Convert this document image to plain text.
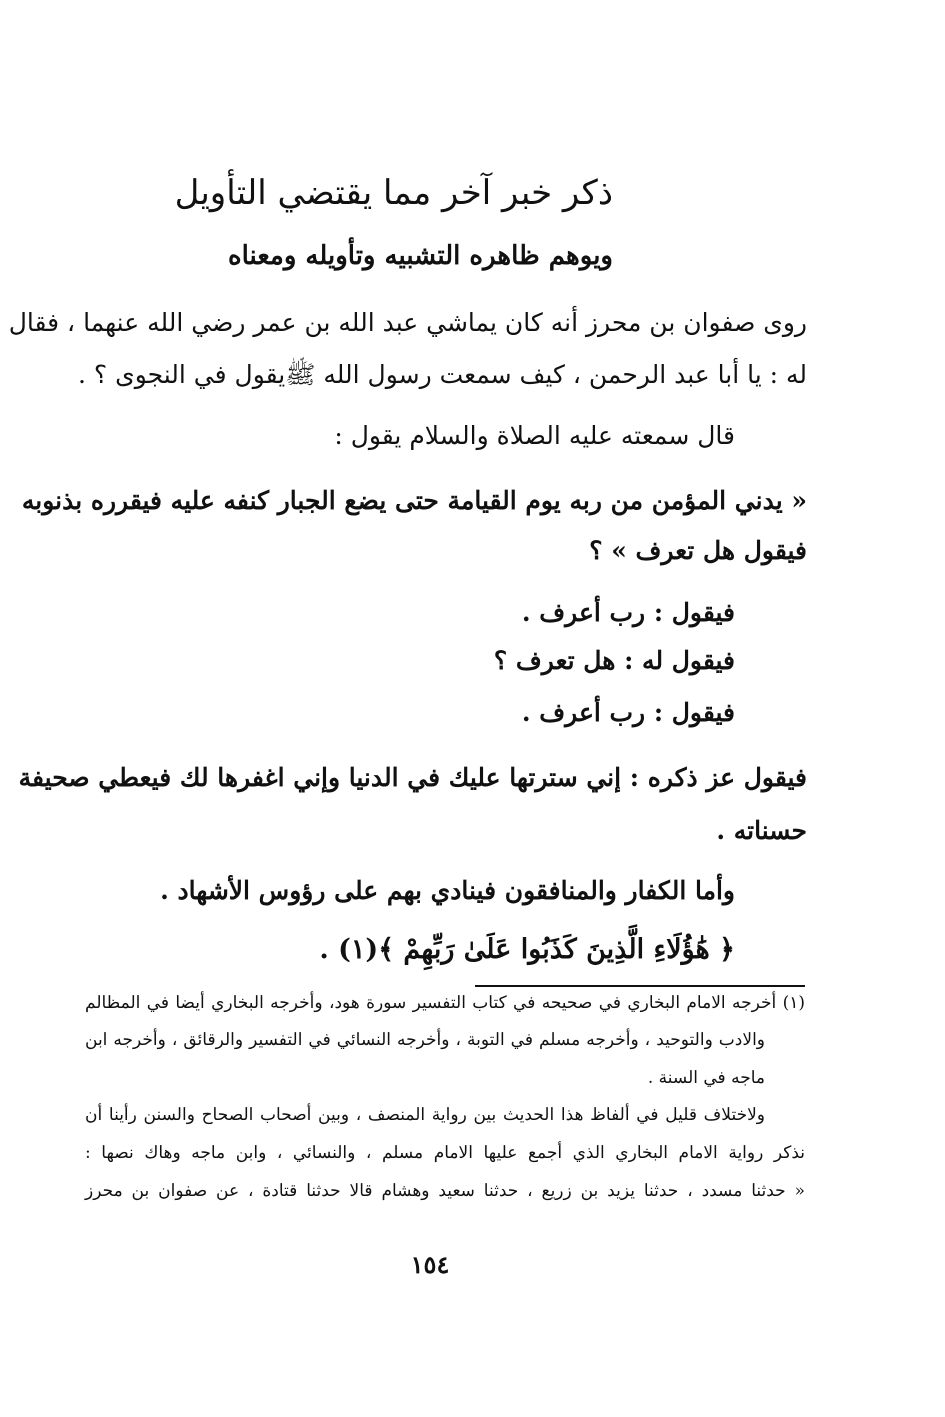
ذكر خبر آخر مما يقتضي التأويل
ويوهم ظاهره التشبيه وتأويله ومعناه
روى صفوان بن محرز أنه كان يماشي عبد الله بن عمر رضي الله عنهما ، فقال
له : يا أبا عبد الرحمن ، كيف سمعت رسول الله ﷺيقول في النجوى ؟ .
قال سمعته عليه الصلاة والسلام يقول :
« يدني المؤمن من ربه يوم القيامة حتى يضع الجبار كنفه عليه فيقرره بذنوبه
فيقول هل تعرف » ؟
فيقول : رب أعرف .
فيقول له : هل تعرف ؟
فيقول : رب أعرف .
فيقول عز ذكره : إني سترتها عليك في الدنيا وإني اغفرها لك فيعطي صحيفة
حسناته .
وأما الكفار والمنافقون فينادي بهم على رؤوس الأشهاد .
﴿ هَٰؤُلَاءِ الَّذِينَ كَذَبُوا عَلَىٰ رَبِّهِمْ ﴾(١) .
(١) أخرجه الامام البخاري في صحيحه في كتاب التفسير سورة هود، وأخرجه البخاري أيضا في المظالم
والادب والتوحيد ، وأخرجه مسلم في التوبة ، وأخرجه النسائي في التفسير والرقائق ، وأخرجه ابن
ماجه في السنة .
ولاختلاف قليل في ألفاظ هذا الحديث بين رواية المنصف ، وبين أصحاب الصحاح والسنن رأينا أن
نذكر رواية الامام البخاري الذي أجمع عليها الامام مسلم ، والنسائي ، وابن ماجه وهاك نصها :
« حدثنا مسدد ، حدثنا يزيد بن زريع ، حدثنا سعيد وهشام قالا حدثنا قتادة ، عن صفوان بن محرز
١٥٤
